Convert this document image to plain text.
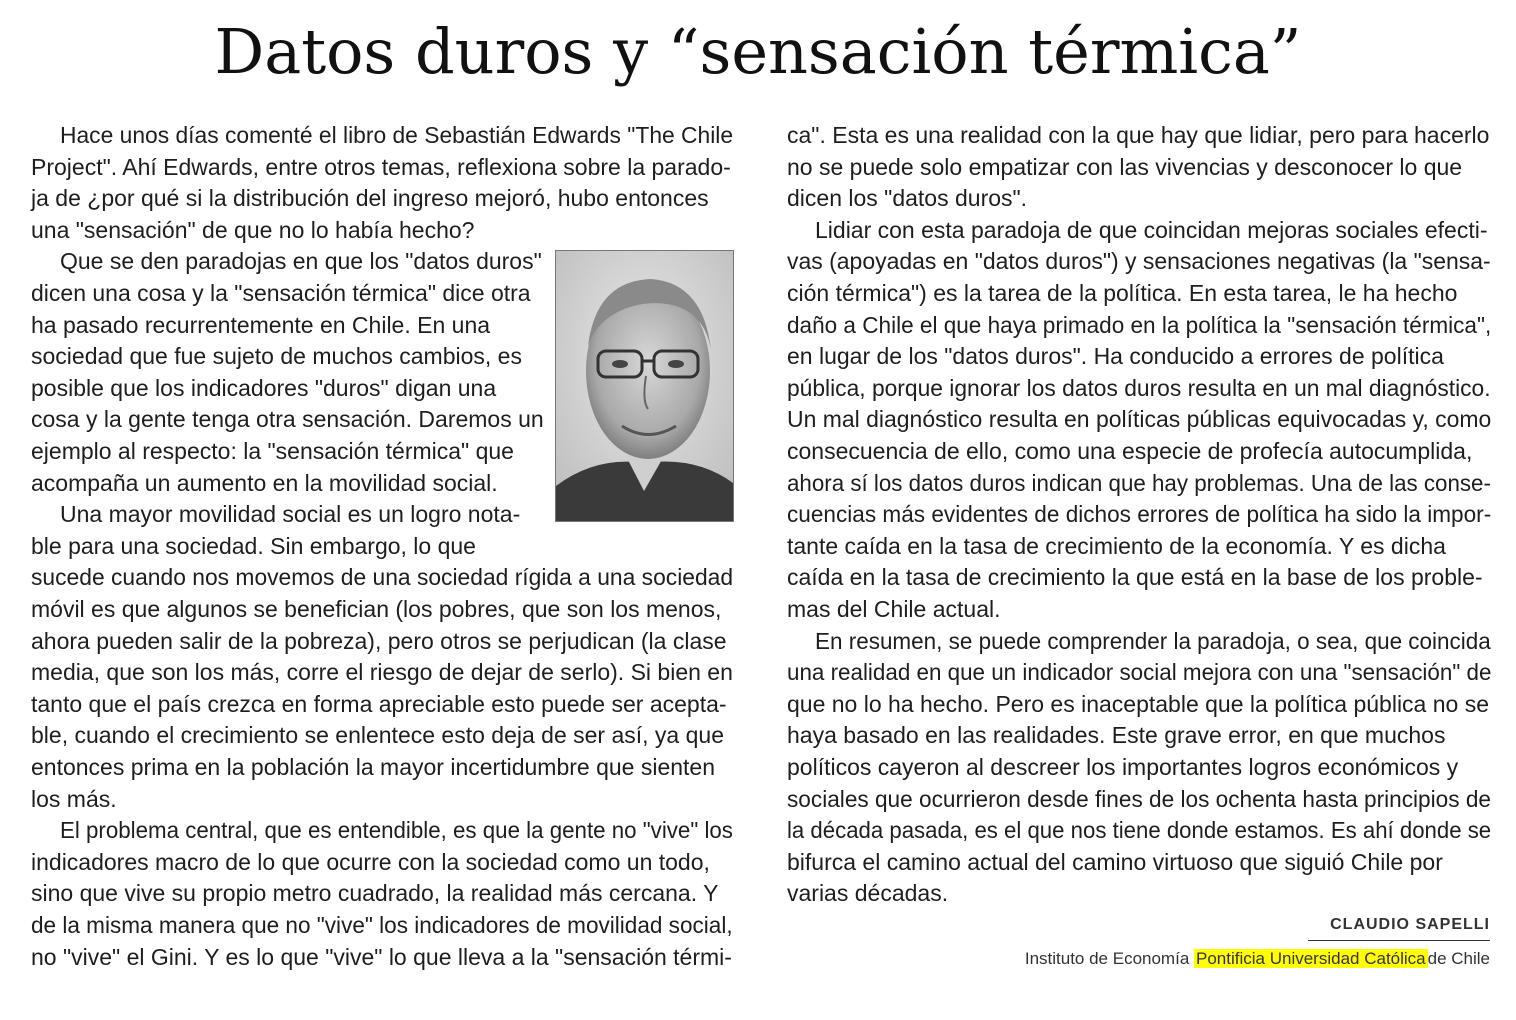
Datos duros y “sensación térmica”
Hace unos días comenté el libro de Sebastián Edwards "The Chile
Project". Ahí Edwards, entre otros temas, reflexiona sobre la parado-
ja de ¿por qué si la distribución del ingreso mejoró, hubo entonces
una "sensación" de que no lo había hecho?
Que se den paradojas en que los "datos duros"
dicen una cosa y la "sensación térmica" dice otra
ha pasado recurrentemente en Chile. En una
sociedad que fue sujeto de muchos cambios, es
posible que los indicadores "duros" digan una
cosa y la gente tenga otra sensación. Daremos un
ejemplo al respecto: la "sensación térmica" que
acompaña un aumento en la movilidad social.
Una mayor movilidad social es un logro nota-
ble para una sociedad. Sin embargo, lo que
sucede cuando nos movemos de una sociedad rígida a una sociedad
móvil es que algunos se benefician (los pobres, que son los menos,
ahora pueden salir de la pobreza), pero otros se perjudican (la clase
media, que son los más, corre el riesgo de dejar de serlo). Si bien en
tanto que el país crezca en forma apreciable esto puede ser acepta-
ble, cuando el crecimiento se enlentece esto deja de ser así, ya que
entonces prima en la población la mayor incertidumbre que sienten
los más.
El problema central, que es entendible, es que la gente no "vive" los
indicadores macro de lo que ocurre con la sociedad como un todo,
sino que vive su propio metro cuadrado, la realidad más cercana. Y
de la misma manera que no "vive" los indicadores de movilidad social,
no "vive" el Gini. Y es lo que "vive" lo que lleva a la "sensación térmi-
ca". Esta es una realidad con la que hay que lidiar, pero para hacerlo
no se puede solo empatizar con las vivencias y desconocer lo que
dicen los "datos duros".
Lidiar con esta paradoja de que coincidan mejoras sociales efecti-
vas (apoyadas en "datos duros") y sensaciones negativas (la "sensa-
ción térmica") es la tarea de la política. En esta tarea, le ha hecho
daño a Chile el que haya primado en la política la "sensación térmica",
en lugar de los "datos duros". Ha conducido a errores de política
pública, porque ignorar los datos duros resulta en un mal diagnóstico.
Un mal diagnóstico resulta en políticas públicas equivocadas y, como
consecuencia de ello, como una especie de profecía autocumplida,
ahora sí los datos duros indican que hay problemas. Una de las conse-
cuencias más evidentes de dichos errores de política ha sido la impor-
tante caída en la tasa de crecimiento de la economía. Y es dicha
caída en la tasa de crecimiento la que está en la base de los proble-
mas del Chile actual.
En resumen, se puede comprender la paradoja, o sea, que coincida
una realidad en que un indicador social mejora con una "sensación" de
que no lo ha hecho. Pero es inaceptable que la política pública no se
haya basado en las realidades. Este grave error, en que muchos
políticos cayeron al descreer los importantes logros económicos y
sociales que ocurrieron desde fines de los ochenta hasta principios de
la década pasada, es el que nos tiene donde estamos. Es ahí donde se
bifurca el camino actual del camino virtuoso que siguió Chile por
varias décadas.
CLAUDIO SAPELLI
Instituto de Economía Pontificia Universidad Católica de Chile
